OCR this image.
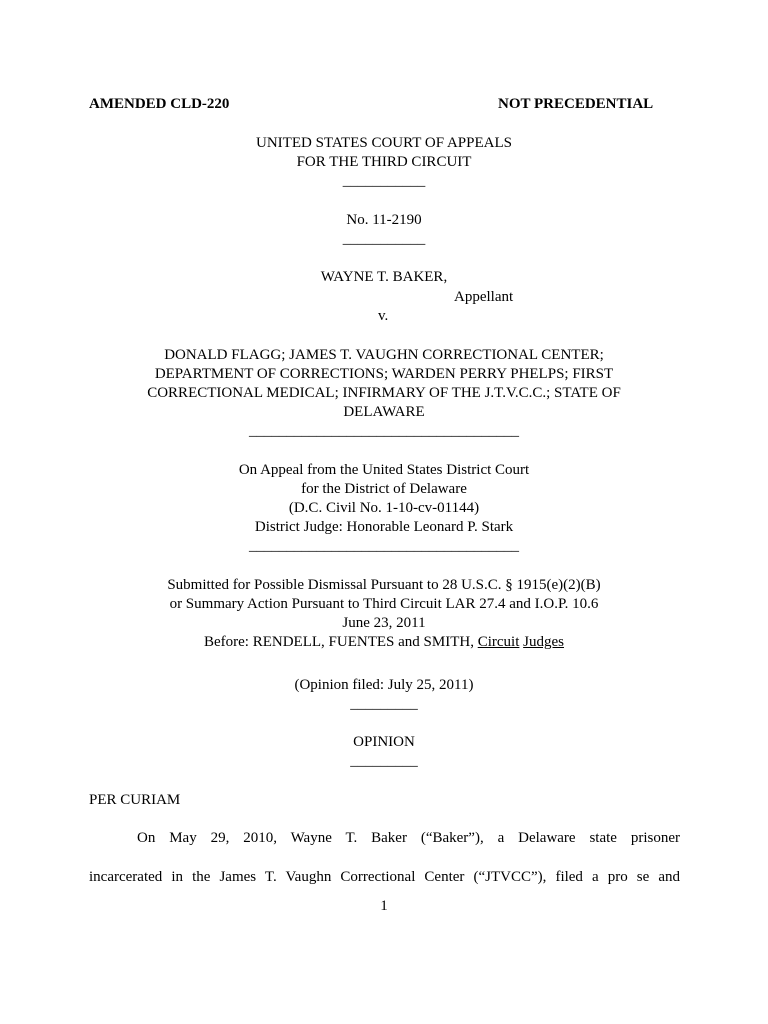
AMENDED CLD-220	NOT PRECEDENTIAL
UNITED STATES COURT OF APPEALS
FOR THE THIRD CIRCUIT
___________
No. 11-2190
___________
WAYNE T. BAKER,
Appellant
v.
DONALD FLAGG; JAMES T. VAUGHN CORRECTIONAL CENTER;
DEPARTMENT OF CORRECTIONS; WARDEN PERRY PHELPS; FIRST
CORRECTIONAL MEDICAL; INFIRMARY OF THE J.T.V.C.C.; STATE OF
DELAWARE
____________________________________
On Appeal from the United States District Court
for the District of Delaware
(D.C. Civil No. 1-10-cv-01144)
District Judge: Honorable Leonard P. Stark
____________________________________
Submitted for Possible Dismissal Pursuant to 28 U.S.C. § 1915(e)(2)(B)
or Summary Action Pursuant to Third Circuit LAR 27.4 and I.O.P. 10.6
June 23, 2011
Before: RENDELL, FUENTES and SMITH, Circuit Judges
(Opinion filed: July 25, 2011)
_________
OPINION
_________
PER CURIAM
On May 29, 2010, Wayne T. Baker (“Baker”), a Delaware state prisoner
incarcerated in the James T. Vaughn Correctional Center (“JTVCC”), filed a pro se and
1
